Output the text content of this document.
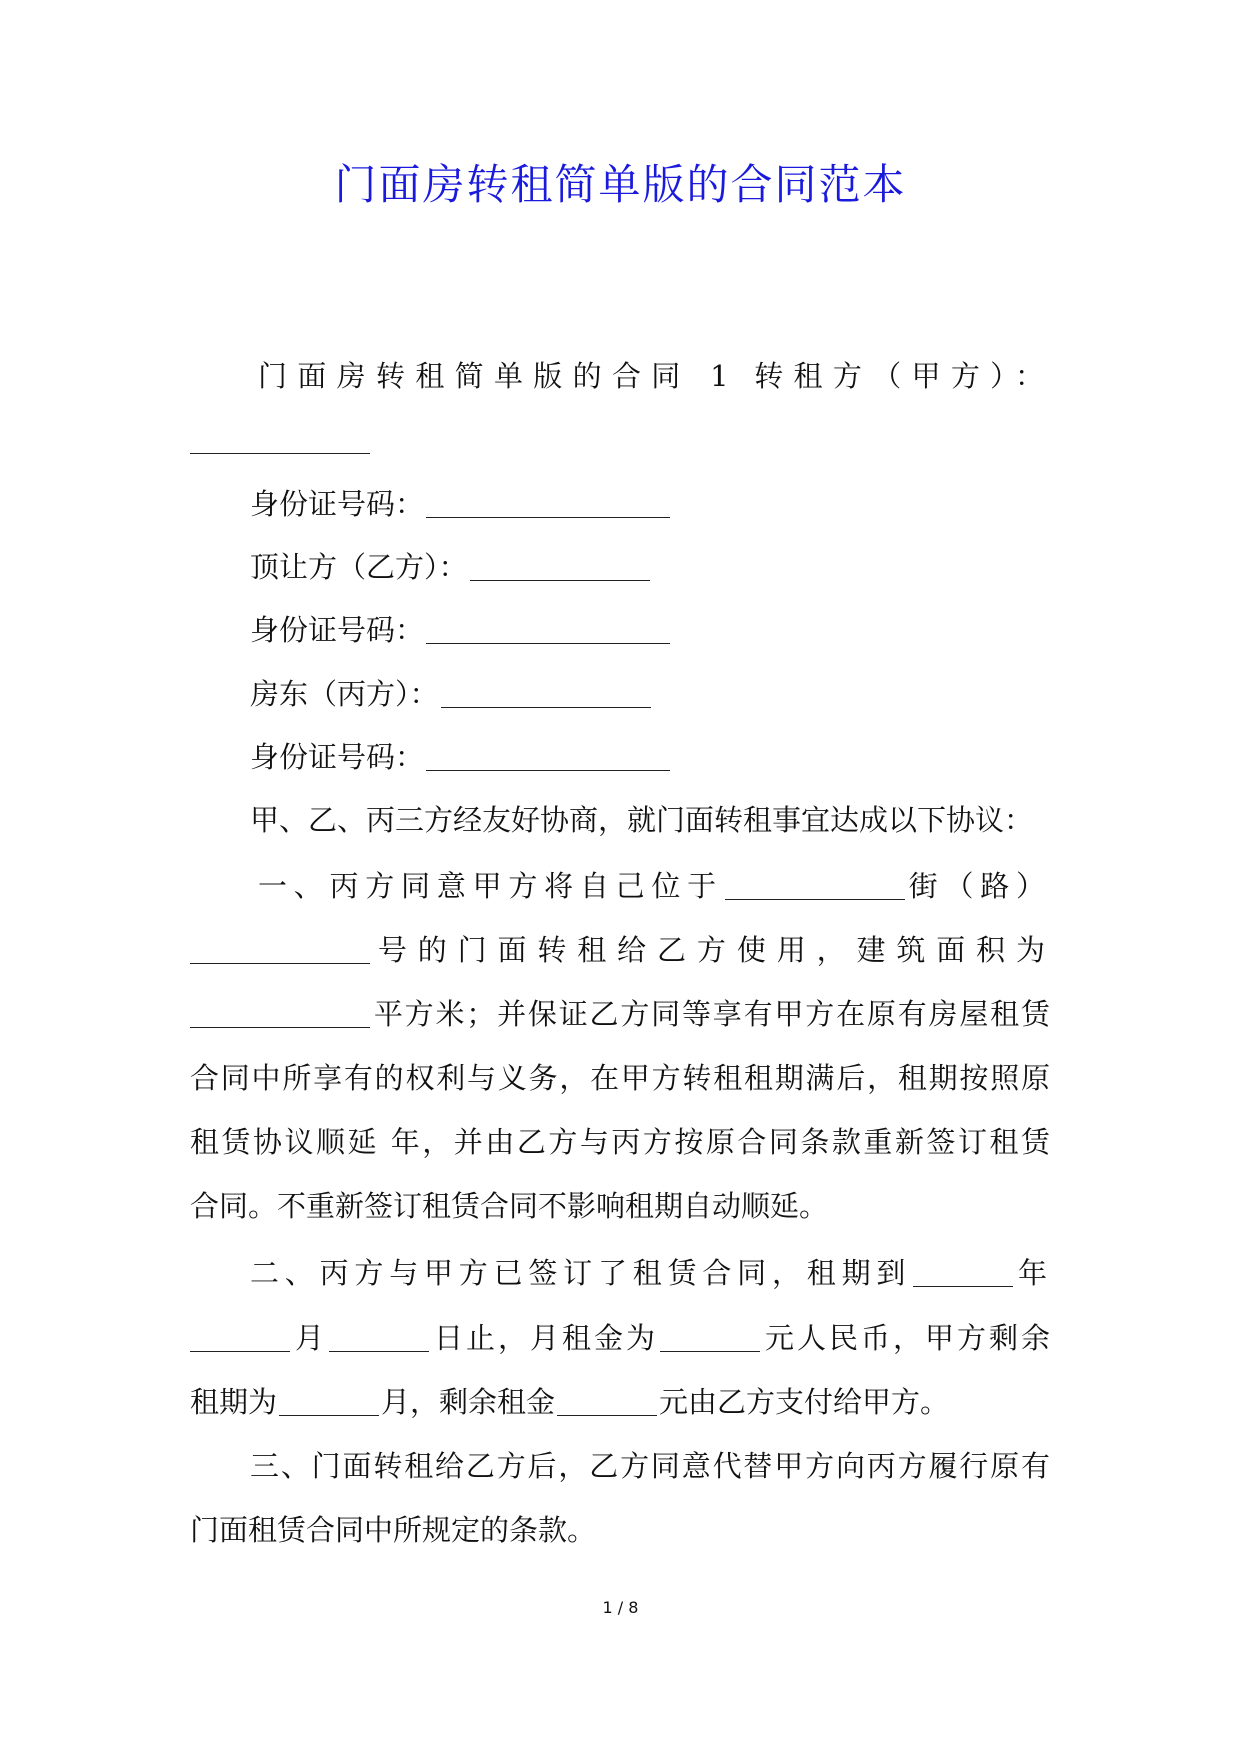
门面房转租简单版的合同范本
门面房转租简单版的合同 1 转租方（甲方）：
身份证号码：
顶让方（乙方）：
身份证号码：
房东（丙方）：
身份证号码：
甲、乙、丙三方经友好协商，就门面转租事宜达成以下协议：
一、丙方同意甲方将自己位于	街（路）
号的门面转租给乙方使用，建筑面积为
平方米；并保证乙方同等享有甲方在原有房屋租赁
合同中所享有的权利与义务，在甲方转租租期满后，租期按照原
租赁协议顺延 年，并由乙方与丙方按原合同条款重新签订租赁
合同。不重新签订租赁合同不影响租期自动顺延。
二、丙方与甲方已签订了租赁合同，租期到	年
月	日止，月租金为	元人民币，甲方剩余
租期为	月，剩余租金	元由乙方支付给甲方。
三、门面转租给乙方后，乙方同意代替甲方向丙方履行原有
门面租赁合同中所规定的条款。
1 / 8
